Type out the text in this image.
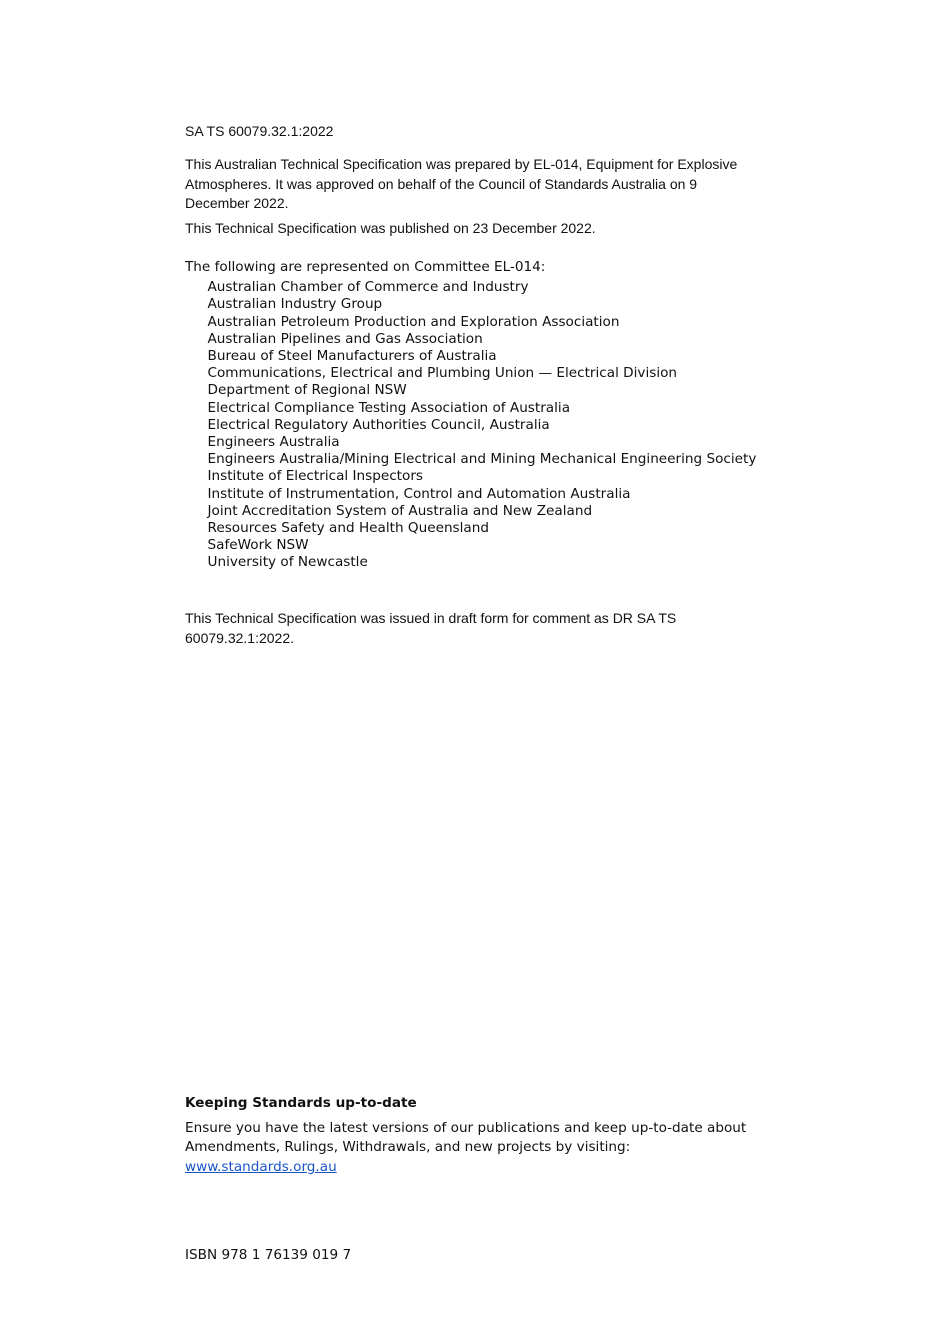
SA TS 60079.32.1:2022

This Australian Technical Specification was prepared by EL-014, Equipment for Explosive Atmospheres. It was approved on behalf of the Council of Standards Australia on 9 December 2022.

This Technical Specification was published on 23 December 2022.

The following are represented on Committee EL-014:

Australian Chamber of Commerce and Industry
Australian Industry Group
Australian Petroleum Production and Exploration Association
Australian Pipelines and Gas Association
Bureau of Steel Manufacturers of Australia
Communications, Electrical and Plumbing Union — Electrical Division
Department of Regional NSW
Electrical Compliance Testing Association of Australia
Electrical Regulatory Authorities Council, Australia
Engineers Australia
Engineers Australia/Mining Electrical and Mining Mechanical Engineering Society
Institute of Electrical Inspectors
Institute of Instrumentation, Control and Automation Australia
Joint Accreditation System of Australia and New Zealand
Resources Safety and Health Queensland
SafeWork NSW
University of Newcastle

This Technical Specification was issued in draft form for comment as DR SA TS 60079.32.1:2022.

Keeping Standards up-to-date

Ensure you have the latest versions of our publications and keep up-to-date about Amendments, Rulings, Withdrawals, and new projects by visiting:
www.standards.org.au

ISBN 978 1 76139 019 7
